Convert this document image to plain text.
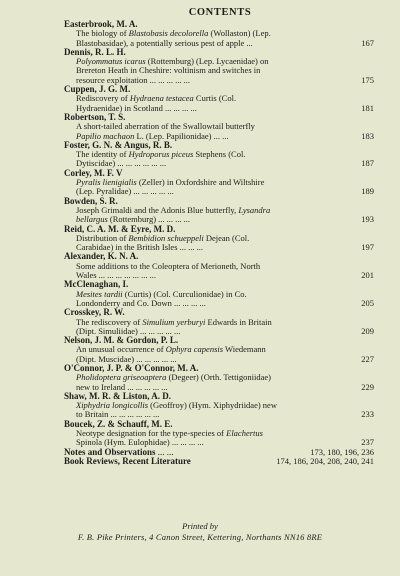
CONTENTS
Easterbrook, M. A.
The biology of Blastobasis decolorella (Wollaston) (Lep.
Blastobasidae), a potentially serious pest of apple ...	167
Dennis, R. L. H.
Polyommatus icarus (Rottemburg) (Lep. Lycaenidae) on
Brereton Heath in Cheshire: voltinism and switches in
resource exploitation ... ... ... ... ...	175
Cuppen, J. G. M.
Rediscovery of Hydraena testacea Curtis (Col.
Hydraenidae) in Scotland ... ... ... ...	181
Robertson, T. S.
A short-tailed aberration of the Swallowtail butterfly
Papilio machaon L. (Lep. Papilionidae) ... ...	183
Foster, G. N. & Angus, R. B.
The identity of Hydroporus piceus Stephens (Col.
Dytiscidae) ... ... ... ... ... ...	187
Corley, M. F. V
Pyralis lienigialis (Zeller) in Oxfordshire and Wiltshire
(Lep. Pyralidae) ... ... ... ... ...	189
Bowden, S. R.
Joseph Grimaldi and the Adonis Blue butterfly, Lysandra
bellargus (Rottemburg) ... ... ... ...	193
Reid, C. A. M. & Eyre, M. D.
Distribution of Bembidion schueppeli Dejean (Col.
Carabidae) in the British Isles ... ... ...	197
Alexander, K. N. A.
Some additions to the Coleoptera of Merioneth, North
Wales ... ... ... ... ... ... ...	201
McClenaghan, I.
Mesites tardii (Curtis) (Col. Curculionidae) in Co.
Londonderry and Co. Down ... ... ... ...	205
Crosskey, R. W.
The rediscovery of Simulium yerburyi Edwards in Britain
(Dipt. Simuliidae) ... ... ... ... ...	209
Nelson, J. M. & Gordon, P. L.
An unusual occurrence of Ophyra capensis Wiedemann
(Dipt. Muscidae) ... ... ... ... ...	227
O'Connor, J. P. & O'Connor, M. A.
Pholidoptera griseoaptera (Degeer) (Orth. Tettigoniidae)
new to Ireland ... ... ... ... ...	229
Shaw, M. R. & Liston, A. D.
Xiphydria longicollis (Geoffroy) (Hym. Xiphydriidae) new
to Britain ... ... ... ... ... ...	233
Boucek, Z. & Schauff, M. E.
Neotype designation for the type-species of Elachertus
Spinola (Hym. Eulophidae) ... ... ... ...	237
Notes and Observations ... ...	173, 180, 196, 236
Book Reviews, Recent Literature	174, 186, 204, 208, 240, 241
Printed by
F. B. Pike Printers, 4 Canon Street, Kettering, Northants NN16 8RE
